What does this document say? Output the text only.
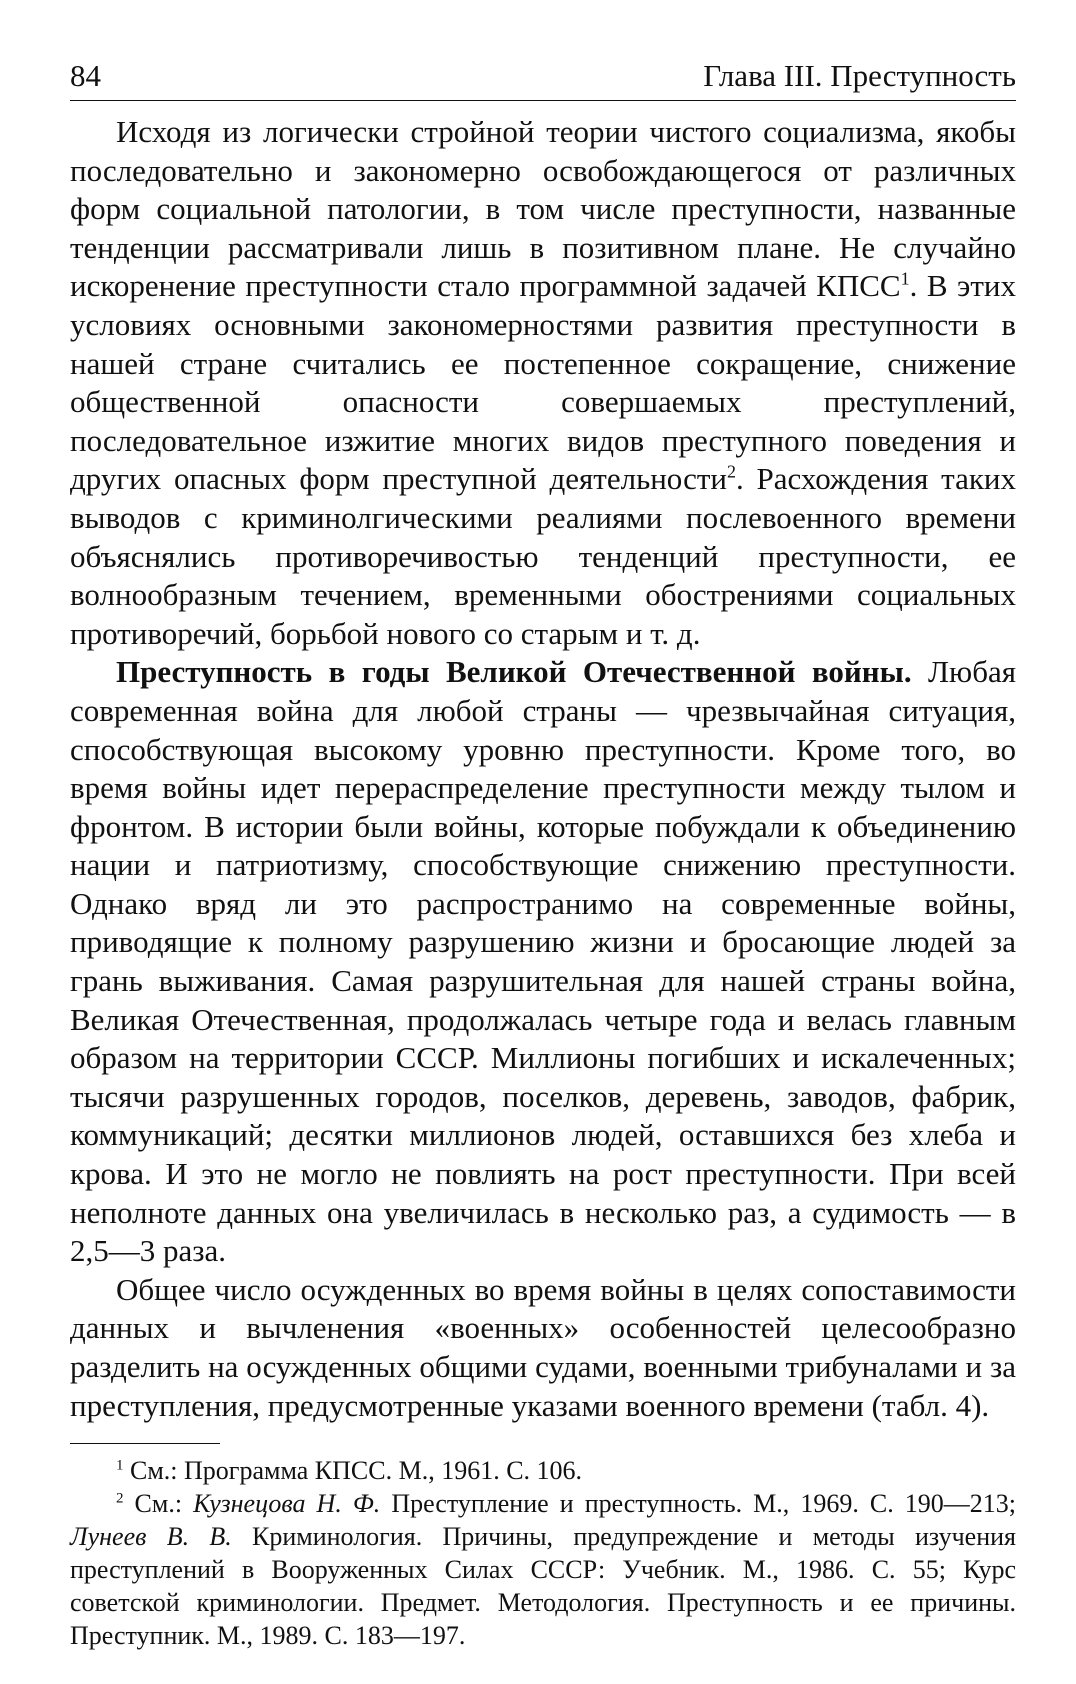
84	Глава III. Преступность

Исходя из логически стройной теории чистого социализма, якобы последовательно и закономерно освобождающегося от различных форм социальной патологии, в том числе преступности, названные тенденции рассматривали лишь в позитивном плане. Не случайно искоренение преступности стало программной задачей КПСС$^1$. В этих условиях основными закономерностями развития преступности в нашей стране считались ее постепенное сокращение, снижение общественной опасности совершаемых преступлений, последовательное изжитие многих видов преступного поведения и других опасных форм преступной деятельности$^2$. Расхождения таких выводов с криминолгическими реалиями послевоенного времени объяснялись противоречивостью тенденций преступности, ее волнообразным течением, временными обострениями социальных противоречий, борьбой нового со старым и т. д.

Преступность в годы Великой Отечественной войны. Любая современная война для любой страны — чрезвычайная ситуация, способствующая высокому уровню преступности. Кроме того, во время войны идет перераспределение преступности между тылом и фронтом. В истории были войны, которые побуждали к объединению нации и патриотизму, способствующие снижению преступности. Однако вряд ли это распространимо на современные войны, приводящие к полному разрушению жизни и бросающие людей за грань выживания. Самая разрушительная для нашей страны война, Великая Отечественная, продолжалась четыре года и велась главным образом на территории СССР. Миллионы погибших и искалеченных; тысячи разрушенных городов, поселков, деревень, заводов, фабрик, коммуникаций; десятки миллионов людей, оставшихся без хлеба и крова. И это не могло не повлиять на рост преступности. При всей неполноте данных она увеличилась в несколько раз, а судимость — в 2,5—3 раза.

Общее число осужденных во время войны в целях сопоставимости данных и вычленения «военных» особенностей целесообразно разделить на осужденных общими судами, военными трибуналами и за преступления, предусмотренные указами военного времени (табл. 4).

$^1$ См.: Программа КПСС. М., 1961. С. 106.

$^2$ См.: Кузнецова Н. Ф. Преступление и преступность. М., 1969. С. 190—213; Лунеев В. В. Криминология. Причины, предупреждение и методы изучения преступлений в Вооруженных Силах СССР: Учебник. М., 1986. С. 55; Курс советской криминологии. Предмет. Методология. Преступность и ее причины. Преступник. М., 1989. С. 183—197.
